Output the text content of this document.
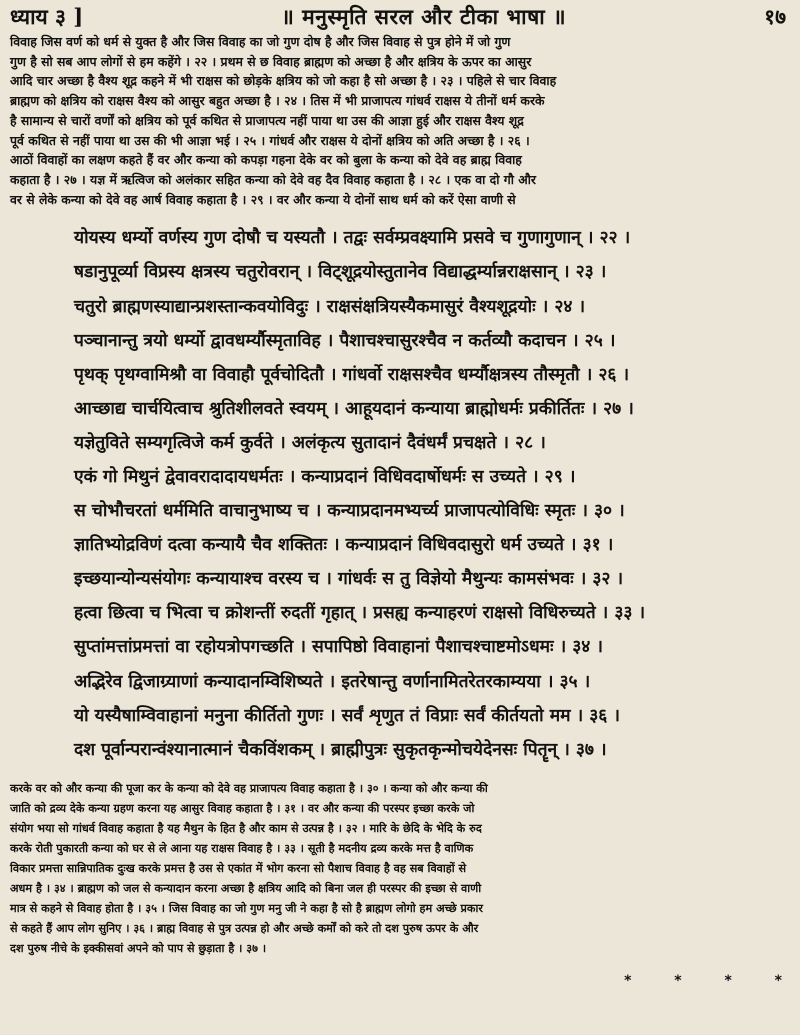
ध्याय ३ ]	॥ मनुस्मृति सरल और टीका भाषा ॥	१७

विवाह जिस वर्ण को धर्म से युक्त है और जिस विवाह का जो गुण दोष है और जिस विवाह से पुत्र होने में जो गुण

गुण है सो सब आप लोगों से हम कहेंगे । २२ । प्रथम से छ विवाह ब्राह्मण को अच्छा है और क्षत्रिय के ऊपर का आसुर

आदि चार अच्छा है वैश्य शूद्र कहने में भी राक्षस को छोड़के क्षत्रिय को जो कहा है सो अच्छा है । २३ । पहिले से चार विवाह

ब्राह्मण को क्षत्रिय को राक्षस वैश्य को आसुर बहुत अच्छा है । २४ । तिस में भी प्राजापत्य गांधर्व राक्षस ये तीनों धर्म करके

है सामान्य से चारों वर्णों को क्षत्रिय को पूर्व कथित से प्राजापत्य नहीं पाया था उस की आज्ञा हुई और राक्षस वैश्य शूद्र

पूर्व कथित से नहीं पाया था उस की भी आज्ञा भई । २५ । गांधर्व और राक्षस ये दोनों क्षत्रिय को अति अच्छा है । २६ ।

आठों विवाहों का लक्षण कहते हैं वर और कन्या को कपड़ा गहना देके वर को बुला के कन्या को देवे वह ब्राह्म विवाह

कहाता है । २७ । यज्ञ में ऋत्विज को अलंकार सहित कन्या को देवे वह दैव विवाह कहाता है । २८ । एक वा दो गौ और

वर से लेके कन्या को देवे वह आर्ष विवाह कहाता है । २९ । वर और कन्या ये दोनों साथ धर्म को करें ऐसा वाणी से

योयस्य धर्म्यो वर्णस्य गुण दोषौ च यस्यतौ । तद्वः सर्वम्प्रवक्ष्यामि प्रसवे च गुणागुणान् । २२ ।
षडानुपूर्व्या विप्रस्य क्षत्रस्य चतुरोवरान् । विट्शूद्रयोस्तुतानेव विद्याद्धर्म्यान्नराक्षसान् । २३ ।
चतुरो ब्राह्मणस्याद्यान्प्रशस्तान्कवयोविदुः । राक्षसंक्षत्रियस्यैकमासुरं वैश्यशूद्रयोः । २४ ।
पञ्चानान्तु त्रयो धर्म्यो द्वावधर्म्यौस्मृताविह । पैशाचश्चासुरश्चैव न कर्तव्यौ कदाचन । २५ ।
पृथक् पृथग्वामिश्रौ वा विवाहौ पूर्वचोदितौ । गांधर्वो राक्षसश्चैव धर्म्यौक्षत्रस्य तौस्मृतौ । २६ ।
आच्छाद्य चार्चयित्वाच श्रुतिशीलवते स्वयम् । आहूयदानं कन्याया ब्राह्मोधर्मः प्रकीर्तितः । २७ ।
यज्ञेतुविते सम्यगृत्विजे कर्म कुर्वते । अलंकृत्य सुतादानं दैवंधर्मं प्रचक्षते । २८ ।
एकं गो मिथुनं द्वेवावरादादायधर्मतः । कन्याप्रदानं विधिवदार्षोधर्मः स उच्यते । २९ ।
स चोभौचरतां धर्ममिति वाचानुभाष्य च । कन्याप्रदानमभ्यर्च्य प्राजापत्योविधिः स्मृतः । ३० ।
ज्ञातिभ्योद्रविणं दत्वा कन्यायै चैव शक्तितः । कन्याप्रदानं विधिवदासुरो धर्म उच्यते । ३१ ।
इच्छयान्योन्यसंयोगः कन्यायाश्च वरस्य च । गांधर्वः स तु विज्ञेयो मैथुन्यः कामसंभवः । ३२ ।
हत्वा छित्वा च भित्वा च क्रोशन्तीं रुदतीं गृहात् । प्रसह्य कन्याहरणं राक्षसो विधिरुच्यते । ३३ ।
सुप्तांमत्तांप्रमत्तां वा रहोयत्रोपगच्छति । सपापिष्ठो विवाहानां पैशाचश्चाष्टमोऽधमः । ३४ ।
अद्भिरेव द्विजाग्र्याणां कन्यादानम्विशिष्यते । इतरेषान्तु वर्णानामितरेतरकाम्यया । ३५ ।
यो यस्यैषाम्विवाहानां मनुना कीर्तितो गुणः । सर्वं शृणुत तं विप्राः सर्वं कीर्तयतो मम । ३६ ।
दश पूर्वान्परान्वंश्यानात्मानं चैकविंशकम् । ब्राह्मीपुत्रः सुकृतकृन्मोचयेदेनसः पितॄन् । ३७ ।

करके वर को और कन्या की पूजा कर के कन्या को देवे वह प्राजापत्य विवाह कहाता है । ३० । कन्या को और कन्या की

जाति को द्रव्य देके कन्या ग्रहण करना यह आसुर विवाह कहाता है । ३१ । वर और कन्या की परस्पर इच्छा करके जो

संयोग भया सो गांधर्व विवाह कहाता है यह मैथुन के हित है और काम से उत्पन्न है । ३२ । मारि के छेदि के भेदि के रुद

करके रोती पुकारती कन्या को घर से ले आना यह राक्षस विवाह है । ३३ । सूती है मदनीय द्रव्य करके मत्त है वाणिक

विकार प्रमत्ता सान्निपातिक दुःख करके प्रमत्त है उस से एकांत में भोग करना सो पैशाच विवाह है वह सब विवाहों से

अधम है । ३४ । ब्राह्मण को जल से कन्यादान करना अच्छा है क्षत्रिय आदि को बिना जल ही परस्पर की इच्छा से वाणी

मात्र से कहने से विवाह होता है । ३५ । जिस विवाह का जो गुण मनु जी ने कहा है सो है ब्राह्मण लोगो हम अच्छे प्रकार

से कहते हैं आप लोग सुनिए । ३६ । ब्राह्म विवाह से पुत्र उत्पन्न हो और अच्छे कर्मों को करे तो दश पुरुष ऊपर के और

दश पुरुष नीचे के इक्कीसवां अपने को पाप से छुड़ाता है । ३७ ।

* * * *
